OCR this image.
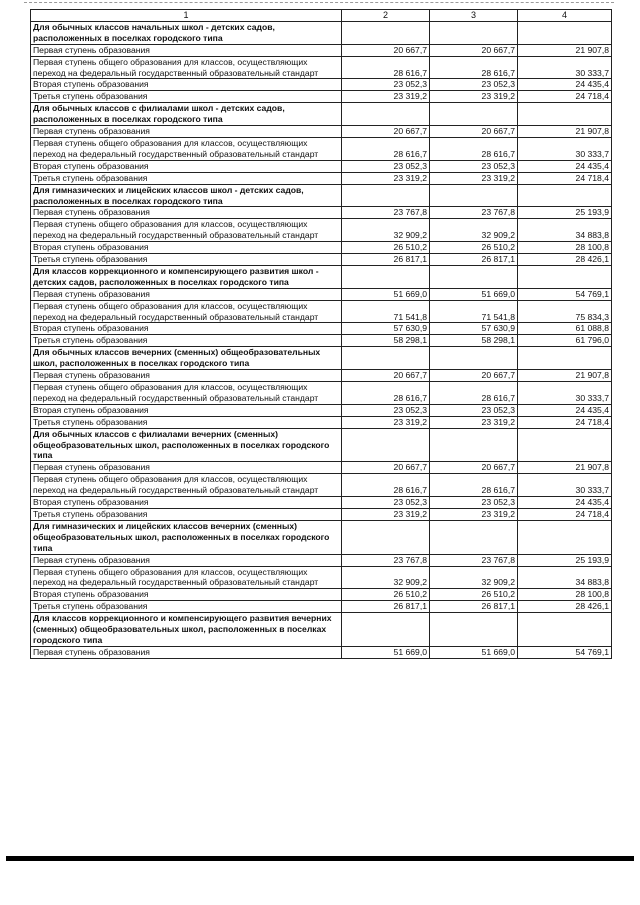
1	2	3	4
Для обычных классов начальных школ - детских садов, расположенных в поселках городского типа			
Первая ступень образования	20 667,7	20 667,7	21 907,8
Первая ступень общего образования для классов, осуществляющих переход на федеральный государственный образовательный стандарт	28 616,7	28 616,7	30 333,7
Вторая ступень образования	23 052,3	23 052,3	24 435,4
Третья ступень образования	23 319,2	23 319,2	24 718,4
Для обычных классов с филиалами школ - детских садов, расположенных в поселках городского типа			
Первая ступень образования	20 667,7	20 667,7	21 907,8
Первая ступень общего образования для классов, осуществляющих переход на федеральный государственный образовательный стандарт	28 616,7	28 616,7	30 333,7
Вторая ступень образования	23 052,3	23 052,3	24 435,4
Третья ступень образования	23 319,2	23 319,2	24 718,4
Для гимназических и лицейских классов школ - детских садов, расположенных в поселках городского типа			
Первая ступень образования	23 767,8	23 767,8	25 193,9
Первая ступень общего образования для классов, осуществляющих переход на федеральный государственный образовательный стандарт	32 909,2	32 909,2	34 883,8
Вторая ступень образования	26 510,2	26 510,2	28 100,8
Третья ступень образования	26 817,1	26 817,1	28 426,1
Для классов коррекционного и компенсирующего развития школ - детских садов, расположенных в поселках городского типа			
Первая ступень образования	51 669,0	51 669,0	54 769,1
Первая ступень общего образования для классов, осуществляющих переход на федеральный государственный образовательный стандарт	71 541,8	71 541,8	75 834,3
Вторая ступень образования	57 630,9	57 630,9	61 088,8
Третья ступень образования	58 298,1	58 298,1	61 796,0
Для обычных классов вечерних (сменных) общеобразовательных школ, расположенных в поселках городского типа			
Первая ступень образования	20 667,7	20 667,7	21 907,8
Первая ступень общего образования для классов, осуществляющих переход на федеральный государственный образовательный стандарт	28 616,7	28 616,7	30 333,7
Вторая ступень образования	23 052,3	23 052,3	24 435,4
Третья ступень образования	23 319,2	23 319,2	24 718,4
Для обычных классов с филиалами вечерних (сменных) общеобразовательных школ, расположенных в поселках городского типа			
Первая ступень образования	20 667,7	20 667,7	21 907,8
Первая ступень общего образования для классов, осуществляющих переход на федеральный государственный образовательный стандарт	28 616,7	28 616,7	30 333,7
Вторая ступень образования	23 052,3	23 052,3	24 435,4
Третья ступень образования	23 319,2	23 319,2	24 718,4
Для гимназических и лицейских классов вечерних (сменных) общеобразовательных школ, расположенных в поселках городского типа			
Первая ступень образования	23 767,8	23 767,8	25 193,9
Первая ступень общего образования для классов, осуществляющих переход на федеральный государственный образовательный стандарт	32 909,2	32 909,2	34 883,8
Вторая ступень образования	26 510,2	26 510,2	28 100,8
Третья ступень образования	26 817,1	26 817,1	28 426,1
Для классов коррекционного и компенсирующего развития вечерних (сменных) общеобразовательных школ, расположенных в поселках городского типа			
Первая ступень образования	51 669,0	51 669,0	54 769,1
